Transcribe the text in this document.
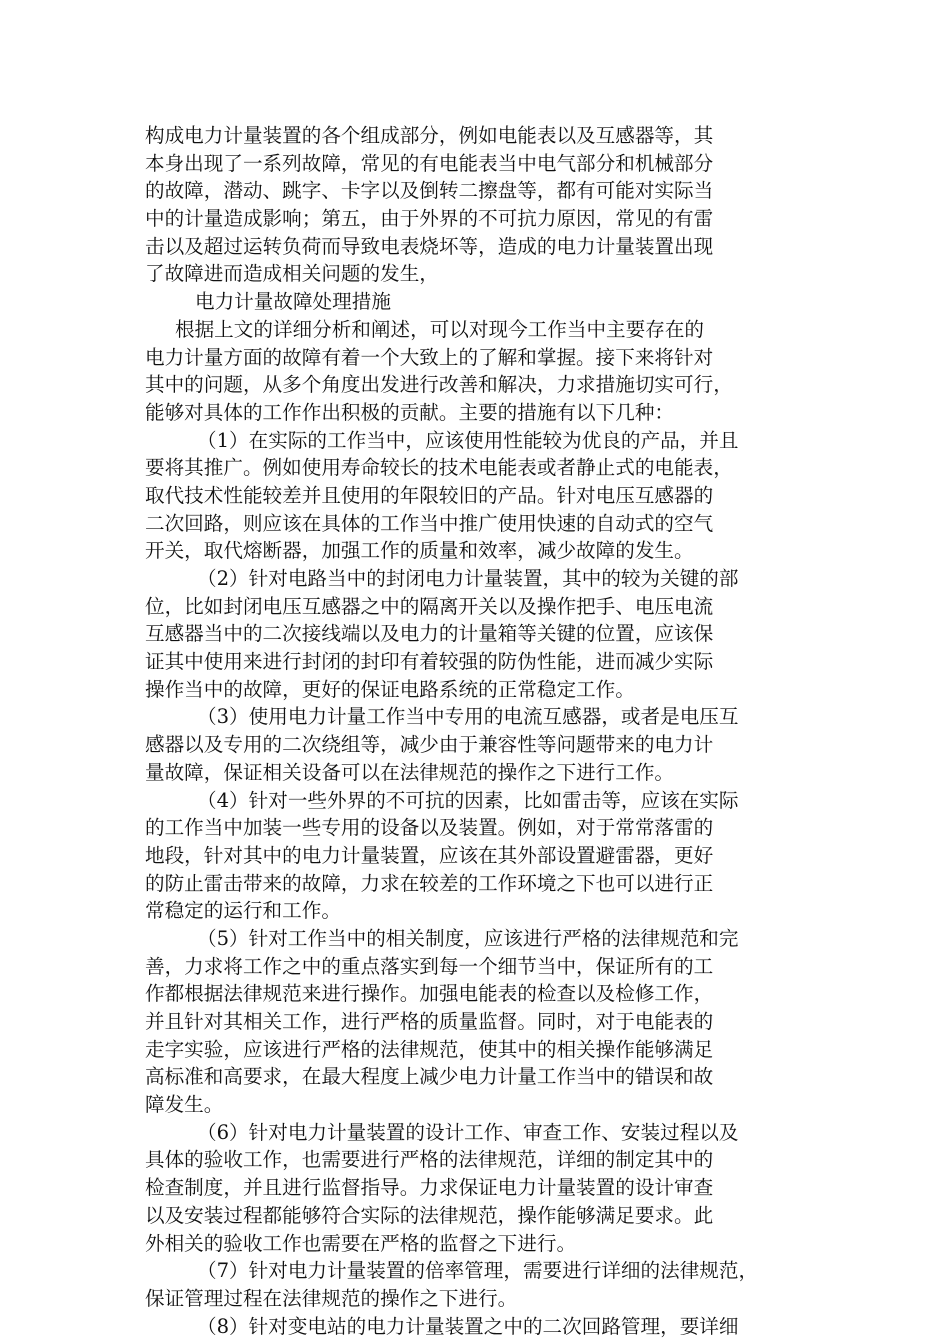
构成电力计量装置的各个组成部分，例如电能表以及互感器等，其
本身出现了一系列故障，常见的有电能表当中电气部分和机械部分
的故障，潜动、跳字、卡字以及倒转二擦盘等，都有可能对实际当
中的计量造成影响；第五，由于外界的不可抗力原因，常见的有雷
击以及超过运转负荷而导致电表烧坏等，造成的电力计量装置出现
了故障进而造成相关问题的发生，
电力计量故障处理措施
根据上文的详细分析和阐述，可以对现今工作当中主要存在的
电力计量方面的故障有着一个大致上的了解和掌握。接下来将针对
其中的问题，从多个角度出发进行改善和解决，力求措施切实可行，
能够对具体的工作作出积极的贡献。主要的措施有以下几种：
（1）在实际的工作当中，应该使用性能较为优良的产品，并且
要将其推广。例如使用寿命较长的技术电能表或者静止式的电能表，
取代技术性能较差并且使用的年限较旧的产品。针对电压互感器的
二次回路，则应该在具体的工作当中推广使用快速的自动式的空气
开关，取代熔断器，加强工作的质量和效率，减少故障的发生。
（2）针对电路当中的封闭电力计量装置，其中的较为关键的部
位，比如封闭电压互感器之中的隔离开关以及操作把手、电压电流
互感器当中的二次接线端以及电力的计量箱等关键的位置，应该保
证其中使用来进行封闭的封印有着较强的防伪性能，进而减少实际
操作当中的故障，更好的保证电路系统的正常稳定工作。
（3）使用电力计量工作当中专用的电流互感器，或者是电压互
感器以及专用的二次绕组等，减少由于兼容性等问题带来的电力计
量故障，保证相关设备可以在法律规范的操作之下进行工作。
（4）针对一些外界的不可抗的因素，比如雷击等，应该在实际
的工作当中加装一些专用的设备以及装置。例如，对于常常落雷的
地段，针对其中的电力计量装置，应该在其外部设置避雷器，更好
的防止雷击带来的故障，力求在较差的工作环境之下也可以进行正
常稳定的运行和工作。
（5）针对工作当中的相关制度，应该进行严格的法律规范和完
善，力求将工作之中的重点落实到每一个细节当中，保证所有的工
作都根据法律规范来进行操作。加强电能表的检查以及检修工作，
并且针对其相关工作，进行严格的质量监督。同时，对于电能表的
走字实验，应该进行严格的法律规范，使其中的相关操作能够满足
高标准和高要求，在最大程度上减少电力计量工作当中的错误和故
障发生。
（6）针对电力计量装置的设计工作、审查工作、安装过程以及
具体的验收工作，也需要进行严格的法律规范，详细的制定其中的
检查制度，并且进行监督指导。力求保证电力计量装置的设计审查
以及安装过程都能够符合实际的法律规范，操作能够满足要求。此
外相关的验收工作也需要在严格的监督之下进行。
（7）针对电力计量装置的倍率管理，需要进行详细的法律规范，
保证管理过程在法律规范的操作之下进行。
（8）针对变电站的电力计量装置之中的二次回路管理，要详细
